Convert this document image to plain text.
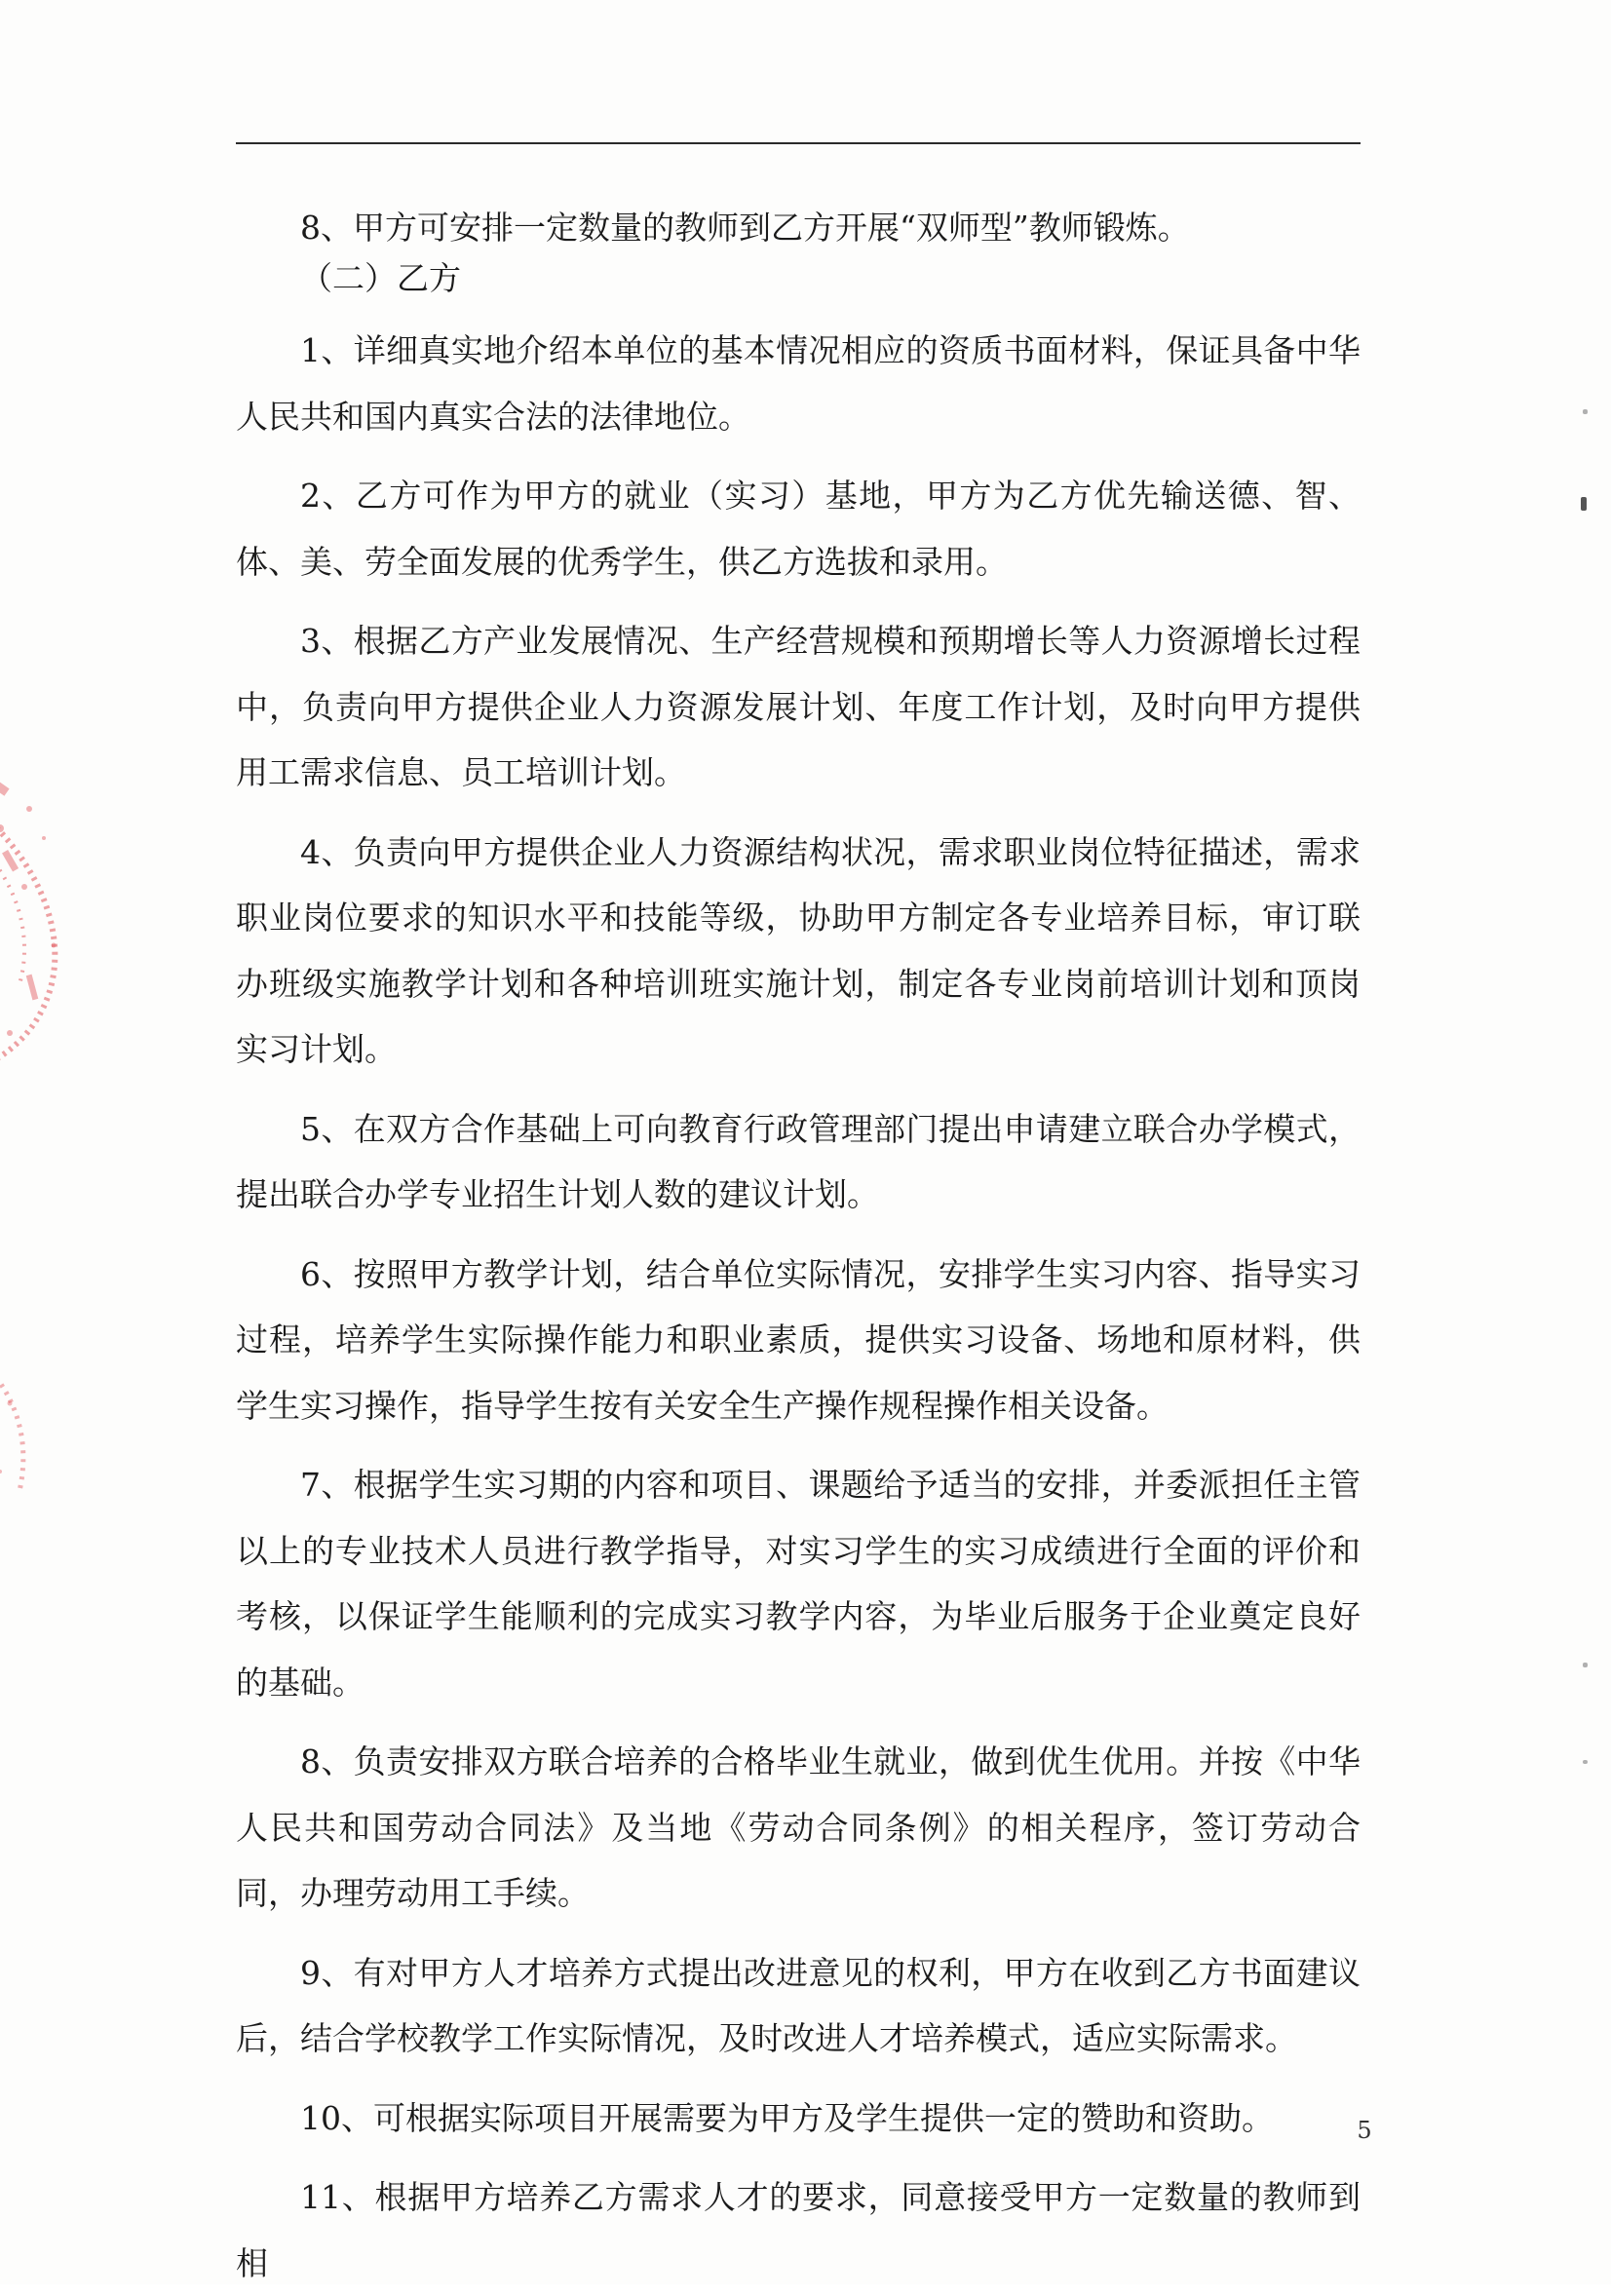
8、甲方可安排一定数量的教师到乙方开展“双师型”教师锻炼。

（二）乙方

1、详细真实地介绍本单位的基本情况相应的资质书面材料，保证具备中华人民共和国内真实合法的法律地位。

2、乙方可作为甲方的就业（实习）基地，甲方为乙方优先输送德、智、体、美、劳全面发展的优秀学生，供乙方选拔和录用。

3、根据乙方产业发展情况、生产经营规模和预期增长等人力资源增长过程中，负责向甲方提供企业人力资源发展计划、年度工作计划，及时向甲方提供用工需求信息、员工培训计划。

4、负责向甲方提供企业人力资源结构状况，需求职业岗位特征描述，需求职业岗位要求的知识水平和技能等级，协助甲方制定各专业培养目标，审订联办班级实施教学计划和各种培训班实施计划，制定各专业岗前培训计划和顶岗实习计划。

5、在双方合作基础上可向教育行政管理部门提出申请建立联合办学模式，提出联合办学专业招生计划人数的建议计划。

6、按照甲方教学计划，结合单位实际情况，安排学生实习内容、指导实习过程，培养学生实际操作能力和职业素质，提供实习设备、场地和原材料，供学生实习操作，指导学生按有关安全生产操作规程操作相关设备。

7、根据学生实习期的内容和项目、课题给予适当的安排，并委派担任主管以上的专业技术人员进行教学指导，对实习学生的实习成绩进行全面的评价和考核，以保证学生能顺利的完成实习教学内容，为毕业后服务于企业奠定良好的基础。

8、负责安排双方联合培养的合格毕业生就业，做到优生优用。并按《中华人民共和国劳动合同法》及当地《劳动合同条例》的相关程序，签订劳动合同，办理劳动用工手续。

9、有对甲方人才培养方式提出改进意见的权利，甲方在收到乙方书面建议后，结合学校教学工作实际情况，及时改进人才培养模式，适应实际需求。

10、可根据实际项目开展需要为甲方及学生提供一定的赞助和资助。

11、根据甲方培养乙方需求人才的要求，同意接受甲方一定数量的教师到相

5
